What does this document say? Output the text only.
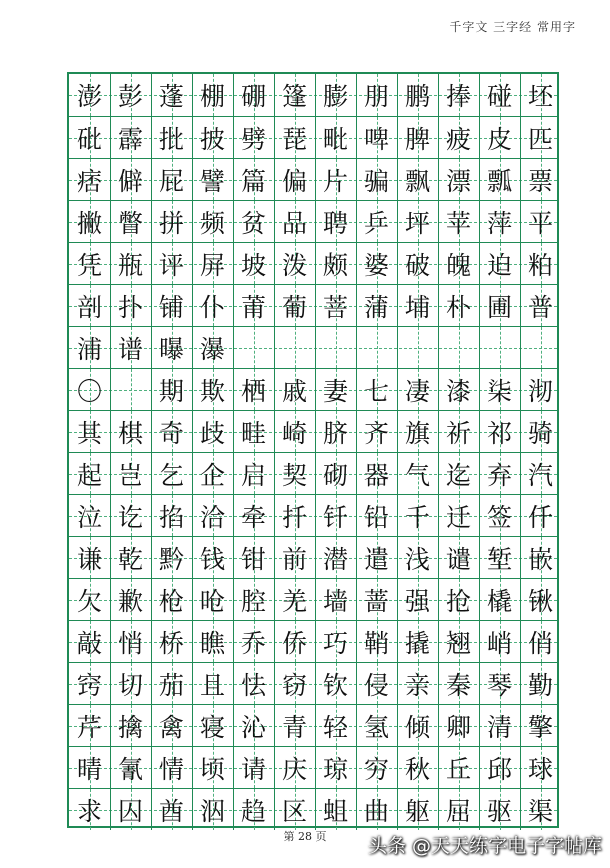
千字文 三字经 常用字
澎 彭 蓬 棚 硼 篷 膨 朋 鹏 捧 碰 坯
砒 霹 批 披 劈 琵 毗 啤 脾 疲 皮 匹
痞 僻 屁 譬 篇 偏 片 骗 飘 漂 瓢 票
撇 瞥 拼 频 贫 品 聘 乒 坪 苹 萍 平
凭 瓶 评 屏 坡 泼 颇 婆 破 魄 迫 粕
剖 扑 铺 仆 莆 葡 菩 蒲 埔 朴 圃 普
浦 谱 曝 瀑
〇	期 欺 栖 戚 妻 七 凄 漆 柒 沏
其 棋 奇 歧 畦 崎 脐 齐 旗 祈 祁 骑
起 岂 乞 企 启 契 砌 器 气 迄 弃 汽
泣 讫 掐 洽 牵 扦 钎 铅 千 迁 签 仟
谦 乾 黔 钱 钳 前 潜 遣 浅 谴 堑 嵌
欠 歉 枪 呛 腔 羌 墙 蔷 强 抢 橇 锹
敲 悄 桥 瞧 乔 侨 巧 鞘 撬 翘 峭 俏
窍 切 茄 且 怯 窃 钦 侵 亲 秦 琴 勤
芹 擒 禽 寝 沁 青 轻 氢 倾 卿 清 擎
晴 氰 情 顷 请 庆 琼 穷 秋 丘 邱 球
求 囚 酋 泅 趋 区 蛆 曲 躯 屈 驱 渠
第 28 页	头条 @天天练字电子字帖库
